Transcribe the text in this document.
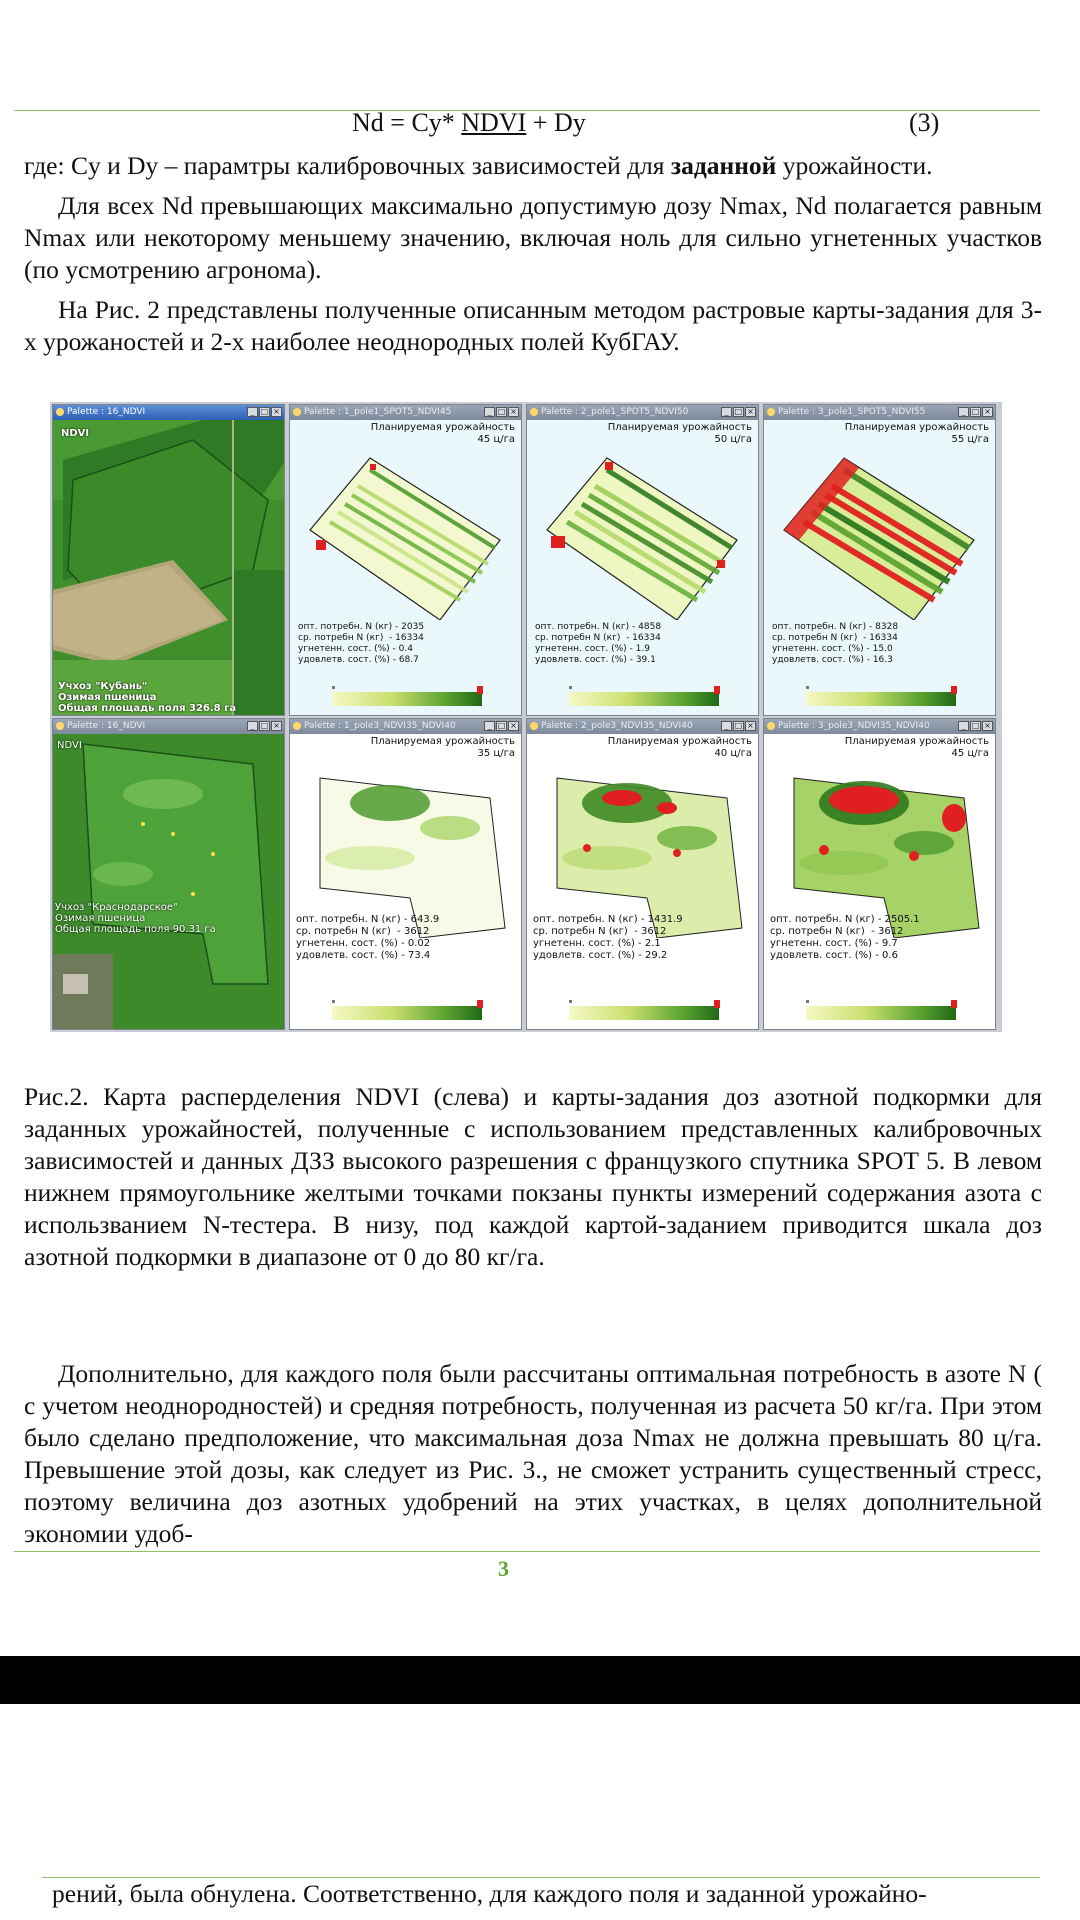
Nd = Cy* NDVI + Dy	(3)
где: Cy и Dy – парамтры калибровочных зависимостей для заданной урожайности.
Для всех Nd превышающих максимально допустимую дозу Nmax, Nd полагается равным Nmax или некоторому меньшему значению, включая ноль для сильно угнетенных участков (по усмотрению агронома).
На Рис. 2 представлены полученные описанным методом растровые карты-задания для 3-х урожаностей и 2-х наиболее неоднородных полей КубГАУ.
Palette : 16_NDVI	_ □ ×
NDVI
Учхоз "Кубань"
Озимая пшеница
Общая площадь поля 326.8 га
Palette : 1_pole1_SPOT5_NDVI45	_ □ ×
Планируемая урожайность
45 ц/га
опт. потребн. N (кг) - 2035
ср. потребн N (кг)  - 16334
угнетенн. сост. (%) - 0.4
удовлетв. сост. (%) - 68.7
Palette : 2_pole1_SPOT5_NDVI50	_ □ ×
Планируемая урожайность
50 ц/га
опт. потребн. N (кг) - 4858
ср. потребн N (кг)  - 16334
угнетенн. сост. (%) - 1.9
удовлетв. сост. (%) - 39.1
Palette : 3_pole1_SPOT5_NDVI55	_ □ ×
Планируемая урожайность
55 ц/га
опт. потребн. N (кг) - 8328
ср. потребн N (кг)  - 16334
угнетенн. сост. (%) - 15.0
удовлетв. сост. (%) - 16.3
Palette : 16_NDVI	_ □ ×
NDVI
Учхоз "Краснодарское"
Озимая пшеница
Общая площадь поля 90.31 га
Palette : 1_pole3_NDVI35_NDVI40	_ □ ×
Планируемая урожайность
35 ц/га
опт. потребн. N (кг) - 643.9
ср. потребн N (кг)  - 3612
угнетенн. сост. (%) - 0.02
удовлетв. сост. (%) - 73.4
Palette : 2_pole3_NDVI35_NDVI40	_ □ ×
Планируемая урожайность
40 ц/га
опт. потребн. N (кг) - 1431.9
ср. потребн N (кг)  - 3612
угнетенн. сост. (%) - 2.1
удовлетв. сост. (%) - 29.2
Palette : 3_pole3_NDVI35_NDVI40	_ □ ×
Планируемая урожайность
45 ц/га
опт. потребн. N (кг) - 2505.1
ср. потребн N (кг)  - 3612
угнетенн. сост. (%) - 9.7
удовлетв. сост. (%) - 0.6
Рис.2. Карта расперделения NDVI (слева) и карты-задания доз азотной подкормки для заданных урожайностей, полученные с использованием представленных калибровочных зависимостей и данных ДЗЗ высокого разрешения с французкого спутника SPOT 5. В левом нижнем прямоугольнике желтыми точками покзаны пункты измерений содержания азота с использванием N-тестера. В низу, под каждой картой-заданием приводится шкала доз азотной подкормки в диапазоне от 0 до 80 кг/га.
Дополнительно, для каждого поля были рассчитаны оптимальная потребность в азоте N ( с учетом неоднородностей) и средняя потребность, полученная из расчета 50 кг/га. При этом было сделано предположение, что максимальная доза Nmax не должна превышать 80 ц/га. Превышение этой дозы, как следует из Рис. 3., не сможет устранить существенный стресс, поэтому величина доз азотных удобрений на этих участках, в целях дополнительной экономии удоб-
3
рений, была обнулена. Соответственно, для каждого поля и заданной урожайно-
